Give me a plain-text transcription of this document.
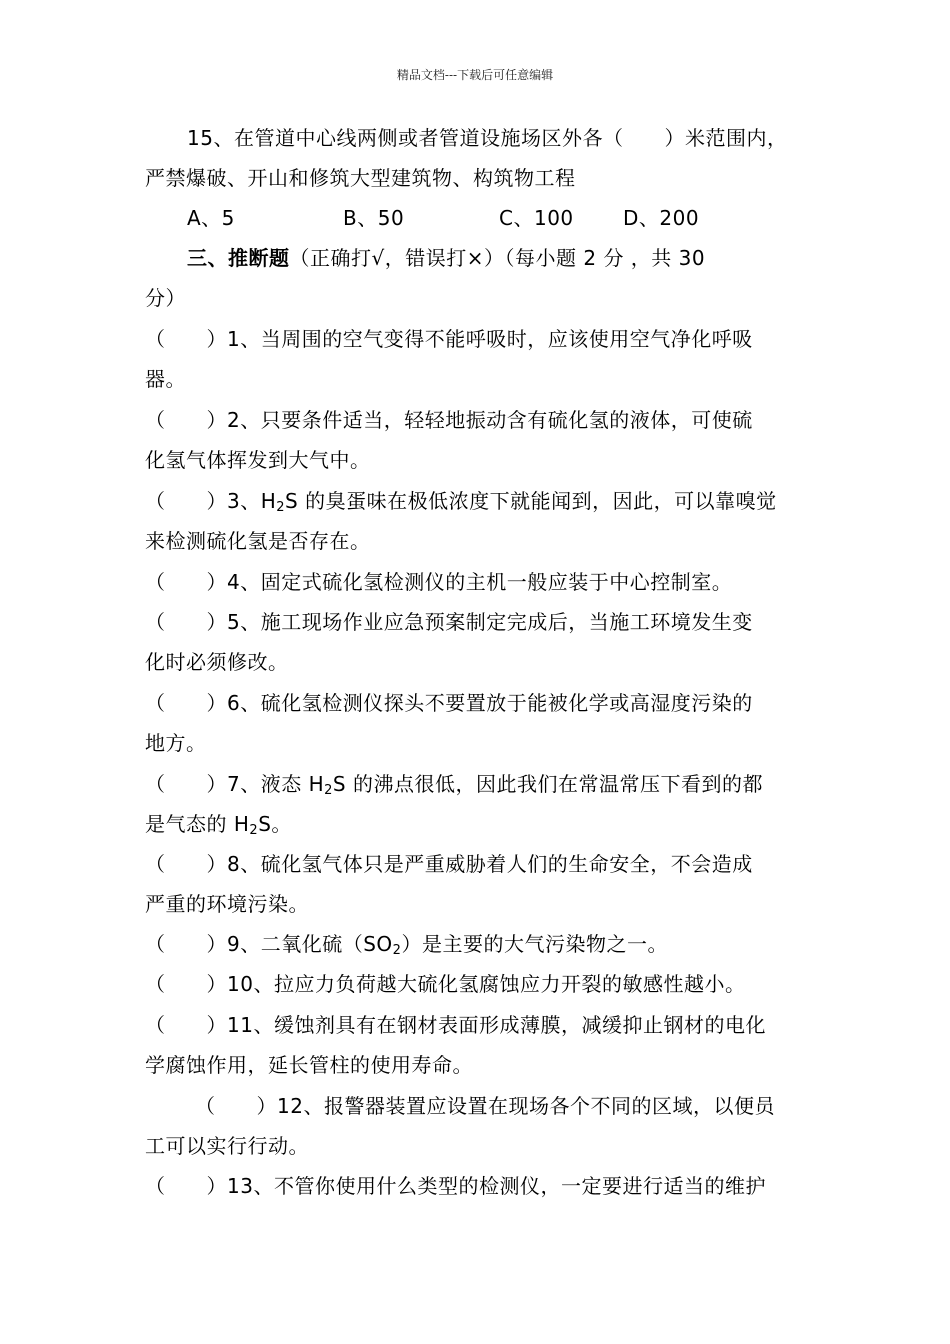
精品文档---下载后可任意编辑
15、在管道中心线两侧或者管道设施场区外各（　　）米范围内，
严禁爆破、开山和修筑大型建筑物、构筑物工程
A、5	B、50	C、100 D、200
三、推断题（正确打√，错误打×）（每小题 2 分 ，共 30
分）
（　　）1、当周围的空气变得不能呼吸时，应该使用空气净化呼吸
器。
（　　）2、只要条件适当，轻轻地振动含有硫化氢的液体，可使硫
化氢气体挥发到大气中。
（　　）3、$H_2S$ 的臭蛋味在极低浓度下就能闻到，因此，可以靠嗅觉
来检测硫化氢是否存在。
（　　）4、固定式硫化氢检测仪的主机一般应装于中心控制室。
（　　）5、施工现场作业应急预案制定完成后，当施工环境发生变
化时必须修改。
（　　）6、硫化氢检测仪探头不要置放于能被化学或高湿度污染的
地方。
（　　）7、液态 $H_2S$ 的沸点很低，因此我们在常温常压下看到的都
是气态的 $H_2S$。
（　　）8、硫化氢气体只是严重威胁着人们的生命安全，不会造成
严重的环境污染。
（　　）9、二氧化硫$(SO_2)$是主要的大气污染物之一。
（　　）10、拉应力负荷越大硫化氢腐蚀应力开裂的敏感性越小。
（　　）11、缓蚀剂具有在钢材表面形成薄膜，减缓抑止钢材的电化
学腐蚀作用，延长管柱的使用寿命。
（　　）12、报警器装置应设置在现场各个不同的区域，以便员
工可以实行行动。
（　　）13、不管你使用什么类型的检测仪，一定要进行适当的维护
